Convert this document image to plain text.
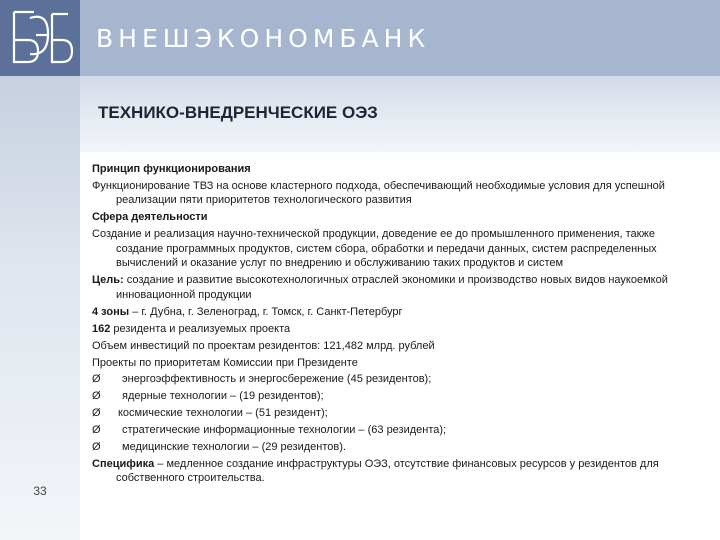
ВНЕШЭКОНОМБАНК
33
ТЕХНИКО-ВНЕДРЕНЧЕСКИЕ ОЭЗ
Принцип функционирования
Функционирование ТВЗ на основе кластерного подхода, обеспечивающий необходимые условия для успешной реализации пяти приоритетов технологического развития
Сфера деятельности
Создание и реализация научно-технической продукции, доведение ее до промышленного применения, также создание программных продуктов, систем сбора, обработки и передачи данных, систем распределенных вычислений и оказание услуг по внедрению и обслуживанию таких продуктов и систем
Цель: создание и развитие высокотехнологичных отраслей экономики и производство новых видов наукоемкой инновационной продукции
4 зоны – г. Дубна, г. Зеленоград, г. Томск, г. Санкт-Петербург
162 резидента и реализуемых проекта
Объем инвестиций по проектам резидентов: 121,482 млрд. рублей
Проекты по приоритетам Комиссии при Президенте
Ø	энергоэффективность и энергосбережение (45 резидентов);
Ø	ядерные технологии – (19 резидентов);
Ø	космические технологии – (51 резидент);
Ø	стратегические информационные технологии – (63 резидента);
Ø	медицинские технологии – (29 резидентов).
Специфика – медленное создание инфраструктуры ОЭЗ, отсутствие финансовых ресурсов у резидентов для собственного строительства.
